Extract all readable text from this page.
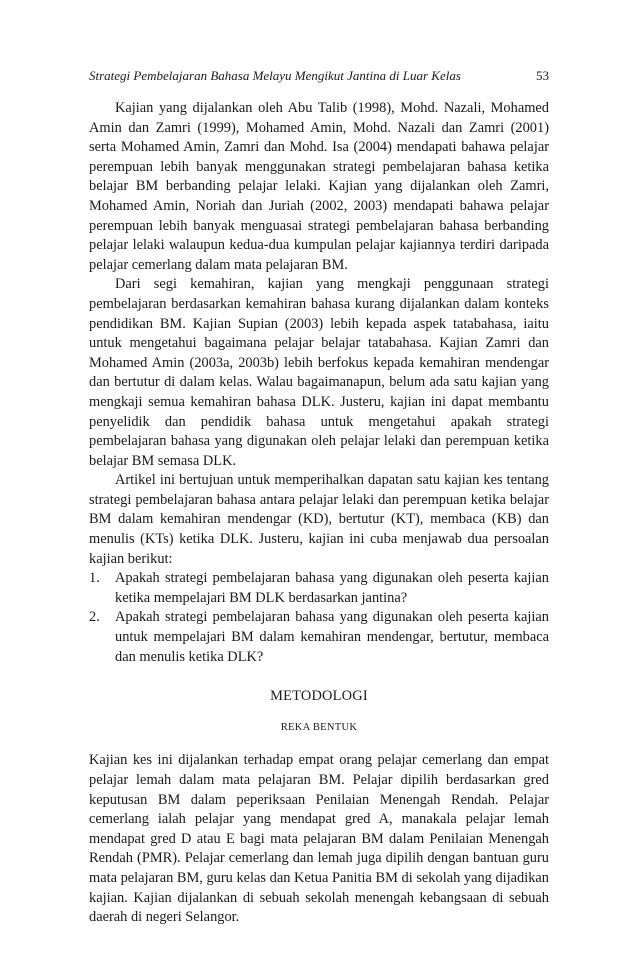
Strategi Pembelajaran Bahasa Melayu Mengikut Jantina di Luar Kelas	53

Kajian yang dijalankan oleh Abu Talib (1998), Mohd. Nazali, Mohamed Amin dan Zamri (1999), Mohamed Amin, Mohd. Nazali dan Zamri (2001) serta Mohamed Amin, Zamri dan Mohd. Isa (2004) mendapati bahawa pelajar perempuan lebih banyak menggunakan strategi pembelajaran bahasa ketika belajar BM berbanding pelajar lelaki. Kajian yang dijalankan oleh Zamri, Mohamed Amin, Noriah dan Juriah (2002, 2003) mendapati bahawa pelajar perempuan lebih banyak menguasai strategi pembelajaran bahasa berbanding pelajar lelaki walaupun kedua-dua kumpulan pelajar kajiannya terdiri daripada pelajar cemerlang dalam mata pelajaran BM.

Dari segi kemahiran, kajian yang mengkaji penggunaan strategi pembelajaran berdasarkan kemahiran bahasa kurang dijalankan dalam konteks pendidikan BM. Kajian Supian (2003) lebih kepada aspek tatabahasa, iaitu untuk mengetahui bagaimana pelajar belajar tatabahasa. Kajian Zamri dan Mohamed Amin (2003a, 2003b) lebih berfokus kepada kemahiran mendengar dan bertutur di dalam kelas. Walau bagaimanapun, belum ada satu kajian yang mengkaji semua kemahiran bahasa DLK. Justeru, kajian ini dapat membantu penyelidik dan pendidik bahasa untuk mengetahui apakah strategi pembelajaran bahasa yang digunakan oleh pelajar lelaki dan perempuan ketika belajar BM semasa DLK.

Artikel ini bertujuan untuk memperihalkan dapatan satu kajian kes tentang strategi pembelajaran bahasa antara pelajar lelaki dan perempuan ketika belajar BM dalam kemahiran mendengar (KD), bertutur (KT), membaca (KB) dan menulis (KTs) ketika DLK. Justeru, kajian ini cuba menjawab dua persoalan kajian berikut:

1. Apakah strategi pembelajaran bahasa yang digunakan oleh peserta kajian ketika mempelajari BM DLK berdasarkan jantina?
2. Apakah strategi pembelajaran bahasa yang digunakan oleh peserta kajian untuk mempelajari BM dalam kemahiran mendengar, bertutur, membaca dan menulis ketika DLK?
METODOLOGI
REKA BENTUK

Kajian kes ini dijalankan terhadap empat orang pelajar cemerlang dan empat pelajar lemah dalam mata pelajaran BM. Pelajar dipilih berdasarkan gred keputusan BM dalam peperiksaan Penilaian Menengah Rendah. Pelajar cemerlang ialah pelajar yang mendapat gred A, manakala pelajar lemah mendapat gred D atau E bagi mata pelajaran BM dalam Penilaian Menengah Rendah (PMR). Pelajar cemerlang dan lemah juga dipilih dengan bantuan guru mata pelajaran BM, guru kelas dan Ketua Panitia BM di sekolah yang dijadikan kajian. Kajian dijalankan di sebuah sekolah menengah kebangsaan di sebuah daerah di negeri Selangor.
